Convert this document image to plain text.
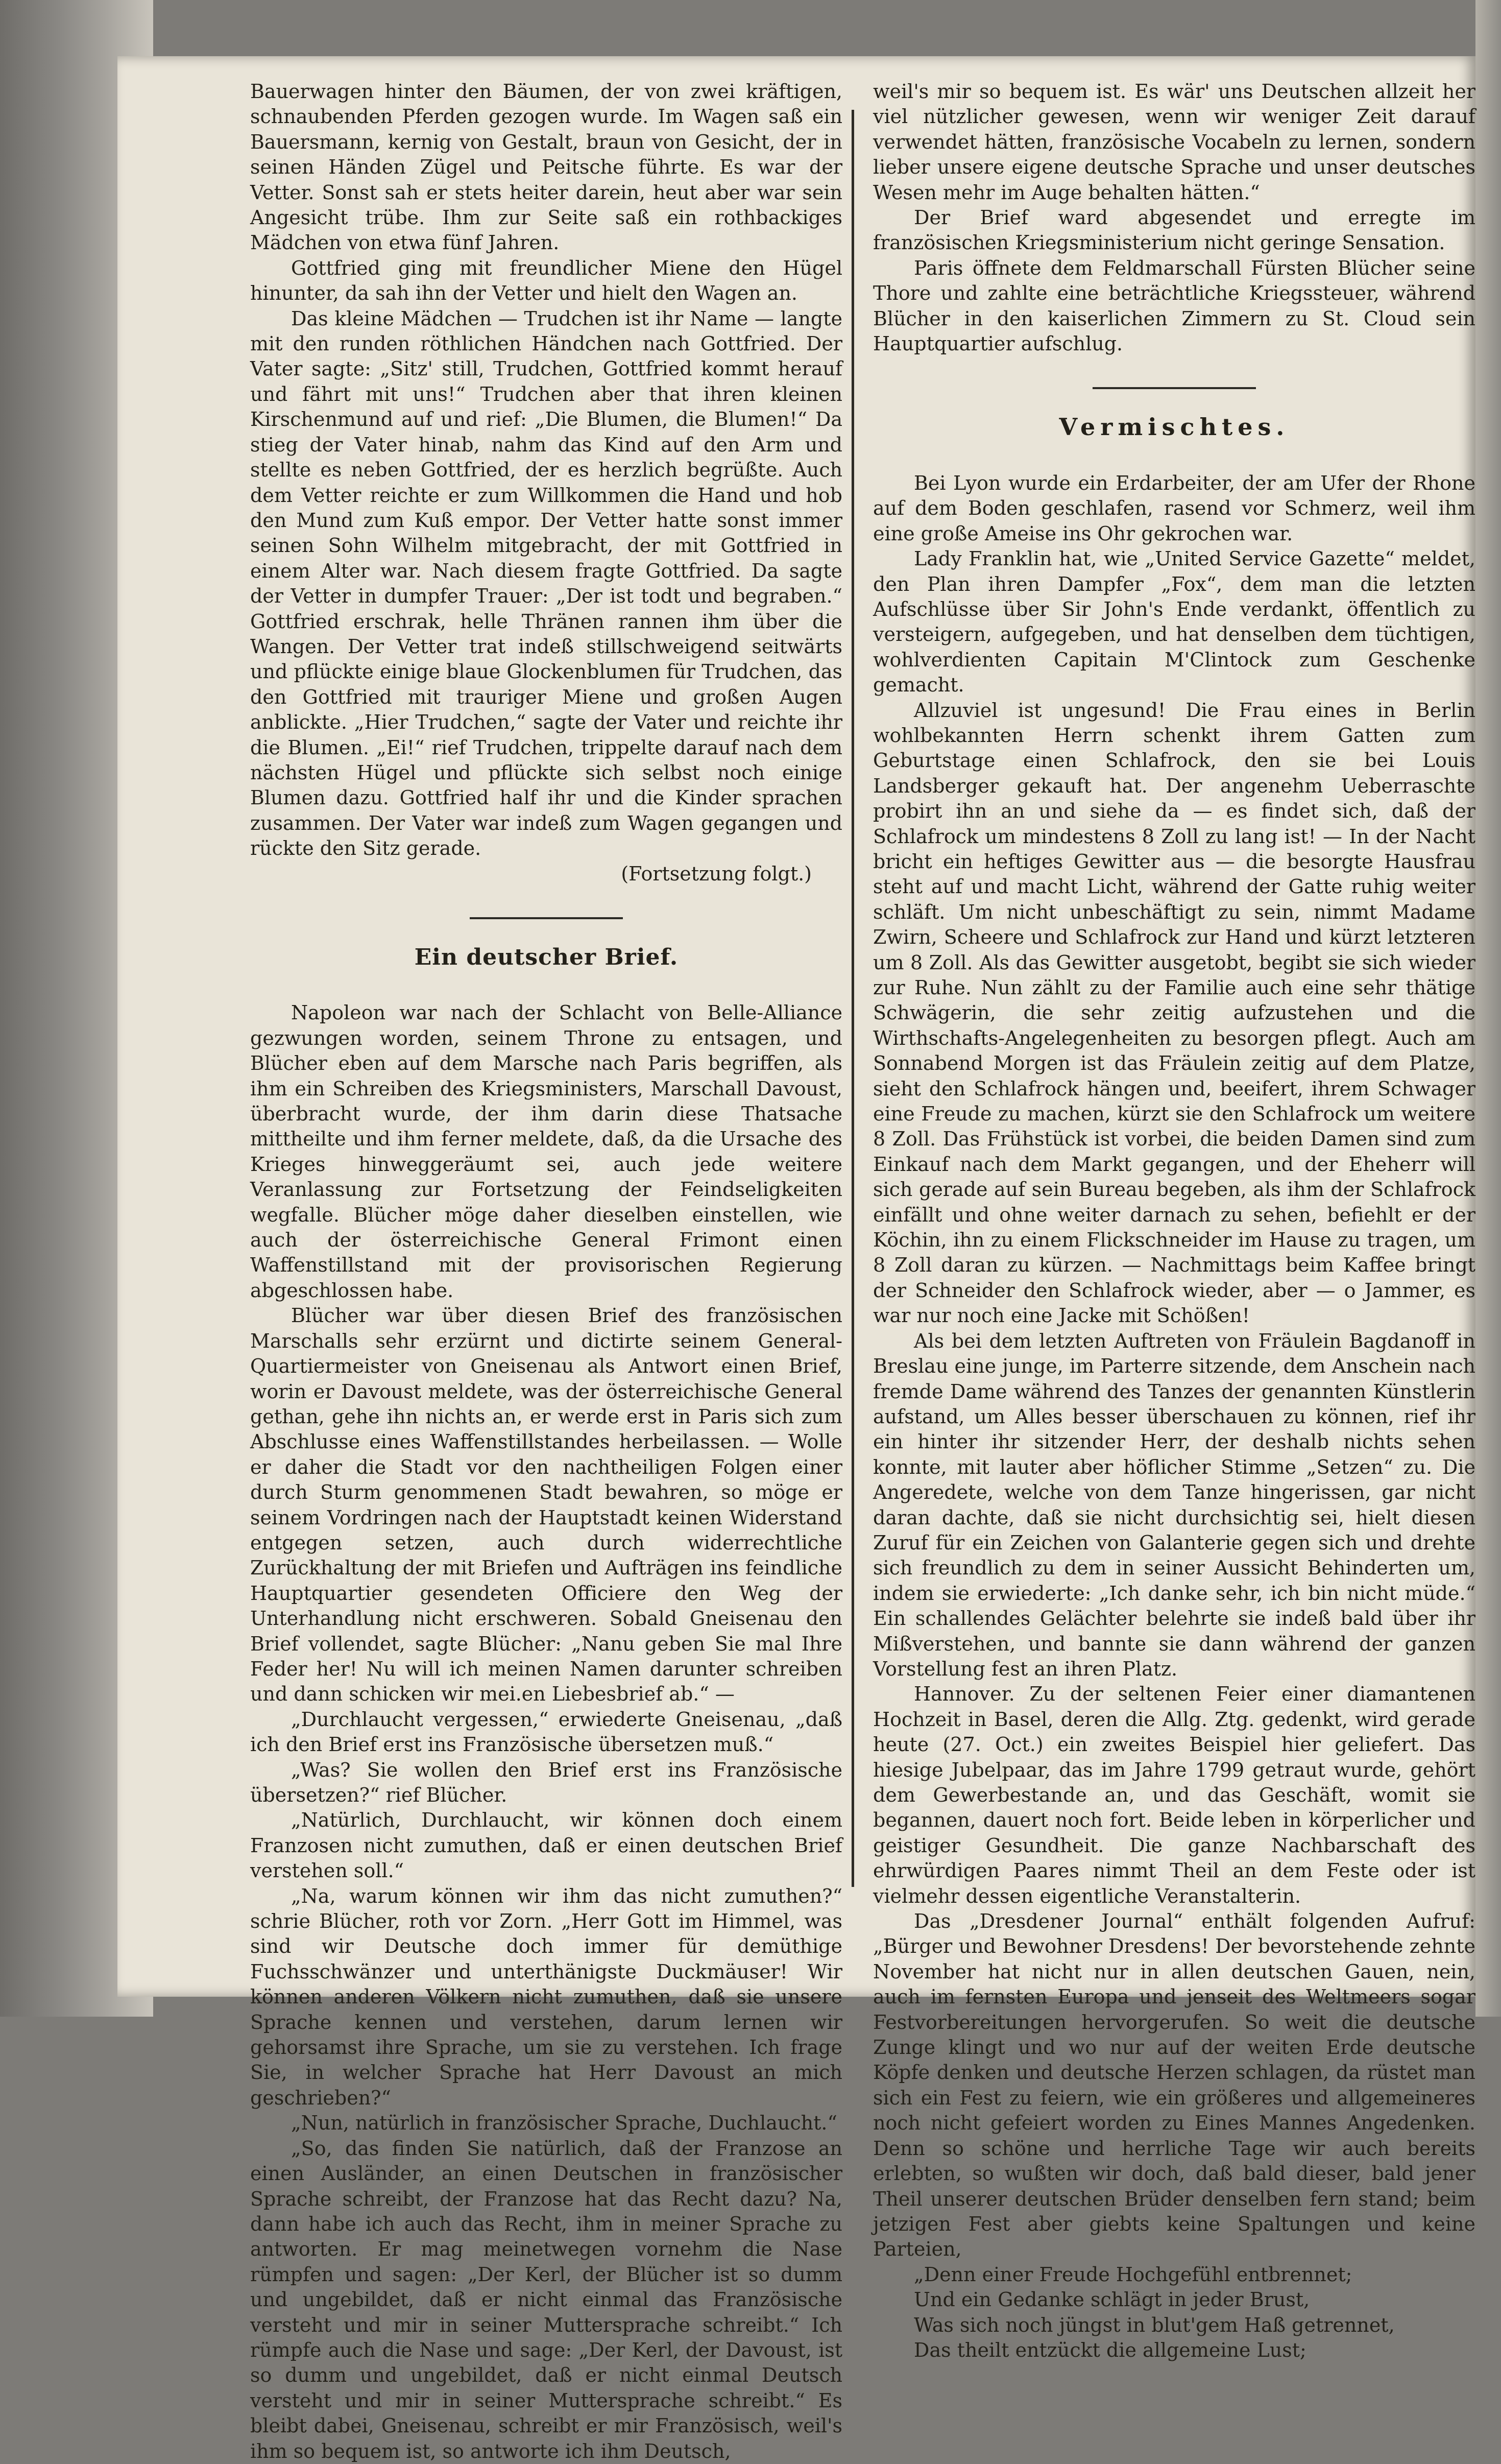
Bauerwagen hinter den Bäumen, der von zwei kräftigen, schnaubenden Pferden gezogen wurde. Im Wagen saß ein Bauersmann, kernig von Gestalt, braun von Gesicht, der in seinen Händen Zügel und Peitsche führte. Es war der Vetter. Sonst sah er stets heiter darein, heut aber war sein Angesicht trübe. Ihm zur Seite saß ein rothbackiges Mädchen von etwa fünf Jahren.

Gottfried ging mit freundlicher Miene den Hügel hinunter, da sah ihn der Vetter und hielt den Wagen an.

Das kleine Mädchen — Trudchen ist ihr Name — langte mit den runden röthlichen Händchen nach Gottfried. Der Vater sagte: „Sitz' still, Trudchen, Gottfried kommt herauf und fährt mit uns!“ Trudchen aber that ihren kleinen Kirschenmund auf und rief: „Die Blumen, die Blumen!“ Da stieg der Vater hinab, nahm das Kind auf den Arm und stellte es neben Gottfried, der es herzlich begrüßte. Auch dem Vetter reichte er zum Willkommen die Hand und hob den Mund zum Kuß empor. Der Vetter hatte sonst immer seinen Sohn Wilhelm mitgebracht, der mit Gottfried in einem Alter war. Nach diesem fragte Gottfried. Da sagte der Vetter in dumpfer Trauer: „Der ist todt und begraben.“ Gottfried erschrak, helle Thränen rannen ihm über die Wangen. Der Vetter trat indeß stillschweigend seitwärts und pflückte einige blaue Glockenblumen für Trudchen, das den Gottfried mit trauriger Miene und großen Augen anblickte. „Hier Trudchen,“ sagte der Vater und reichte ihr die Blumen. „Ei!“ rief Trudchen, trippelte darauf nach dem nächsten Hügel und pflückte sich selbst noch einige Blumen dazu. Gottfried half ihr und die Kinder sprachen zusammen. Der Vater war indeß zum Wagen gegangen und rückte den Sitz gerade.

(Fortsetzung folgt.)

Ein deutscher Brief.

Napoleon war nach der Schlacht von Belle-Alliance gezwungen worden, seinem Throne zu entsagen, und Blücher eben auf dem Marsche nach Paris begriffen, als ihm ein Schreiben des Kriegsministers, Marschall Davoust, überbracht wurde, der ihm darin diese Thatsache mittheilte und ihm ferner meldete, daß, da die Ursache des Krieges hinweggeräumt sei, auch jede weitere Veranlassung zur Fortsetzung der Feindseligkeiten wegfalle. Blücher möge daher dieselben einstellen, wie auch der österreichische General Frimont einen Waffenstillstand mit der provisorischen Regierung abgeschlossen habe.

Blücher war über diesen Brief des französischen Marschalls sehr erzürnt und dictirte seinem General-Quartiermeister von Gneisenau als Antwort einen Brief, worin er Davoust meldete, was der österreichische General gethan, gehe ihn nichts an, er werde erst in Paris sich zum Abschlusse eines Waffenstillstandes herbeilassen. — Wolle er daher die Stadt vor den nachtheiligen Folgen einer durch Sturm genommenen Stadt bewahren, so möge er seinem Vordringen nach der Hauptstadt keinen Widerstand entgegen setzen, auch durch widerrechtliche Zurückhaltung der mit Briefen und Aufträgen ins feindliche Hauptquartier gesendeten Officiere den Weg der Unterhandlung nicht erschweren. Sobald Gneisenau den Brief vollendet, sagte Blücher: „Nanu geben Sie mal Ihre Feder her! Nu will ich meinen Namen darunter schreiben und dann schicken wir mei.en Liebesbrief ab.“ —

„Durchlaucht vergessen,“ erwiederte Gneisenau, „daß ich den Brief erst ins Französische übersetzen muß.“

„Was? Sie wollen den Brief erst ins Französische übersetzen?“ rief Blücher.

„Natürlich, Durchlaucht, wir können doch einem Franzosen nicht zumuthen, daß er einen deutschen Brief verstehen soll.“

„Na, warum können wir ihm das nicht zumuthen?“ schrie Blücher, roth vor Zorn. „Herr Gott im Himmel, was sind wir Deutsche doch immer für demüthige Fuchsschwänzer und unterthänigste Duckmäuser! Wir können anderen Völkern nicht zumuthen, daß sie unsere Sprache kennen und verstehen, darum lernen wir gehorsamst ihre Sprache, um sie zu verstehen. Ich frage Sie, in welcher Sprache hat Herr Davoust an mich geschrieben?“

„Nun, natürlich in französischer Sprache, Duchlaucht.“

„So, das finden Sie natürlich, daß der Franzose an einen Ausländer, an einen Deutschen in französischer Sprache schreibt, der Franzose hat das Recht dazu? Na, dann habe ich auch das Recht, ihm in meiner Sprache zu antworten. Er mag meinetwegen vornehm die Nase rümpfen und sagen: „Der Kerl, der Blücher ist so dumm und ungebildet, daß er nicht einmal das Französische versteht und mir in seiner Muttersprache schreibt.“ Ich rümpfe auch die Nase und sage: „Der Kerl, der Davoust, ist so dumm und ungebildet, daß er nicht einmal Deutsch versteht und mir in seiner Muttersprache schreibt.“ Es bleibt dabei, Gneisenau, schreibt er mir Französisch, weil's ihm so bequem ist, so antworte ich ihm Deutsch,

weil's mir so bequem ist. Es wär' uns Deutschen allzeit her viel nützlicher gewesen, wenn wir weniger Zeit darauf verwendet hätten, französische Vocabeln zu lernen, sondern lieber unsere eigene deutsche Sprache und unser deutsches Wesen mehr im Auge behalten hätten.“

Der Brief ward abgesendet und erregte im französischen Kriegsministerium nicht geringe Sensation.

Paris öffnete dem Feldmarschall Fürsten Blücher seine Thore und zahlte eine beträchtliche Kriegssteuer, während Blücher in den kaiserlichen Zimmern zu St. Cloud sein Hauptquartier aufschlug.

Vermischtes.

Bei Lyon wurde ein Erdarbeiter, der am Ufer der Rhone auf dem Boden geschlafen, rasend vor Schmerz, weil ihm eine große Ameise ins Ohr gekrochen war.

Lady Franklin hat, wie „United Service Gazette“ meldet, den Plan ihren Dampfer „Fox“, dem man die letzten Aufschlüsse über Sir John's Ende verdankt, öffentlich zu versteigern, aufgegeben, und hat denselben dem tüchtigen, wohlverdienten Capitain M'Clintock zum Geschenke gemacht.

Allzuviel ist ungesund! Die Frau eines in Berlin wohlbekannten Herrn schenkt ihrem Gatten zum Geburtstage einen Schlafrock, den sie bei Louis Landsberger gekauft hat. Der angenehm Ueberraschte probirt ihn an und siehe da — es findet sich, daß der Schlafrock um mindestens 8 Zoll zu lang ist! — In der Nacht bricht ein heftiges Gewitter aus — die besorgte Hausfrau steht auf und macht Licht, während der Gatte ruhig weiter schläft. Um nicht unbeschäftigt zu sein, nimmt Madame Zwirn, Scheere und Schlafrock zur Hand und kürzt letzteren um 8 Zoll. Als das Gewitter ausgetobt, begibt sie sich wieder zur Ruhe. Nun zählt zu der Familie auch eine sehr thätige Schwägerin, die sehr zeitig aufzustehen und die Wirthschafts-Angelegenheiten zu besorgen pflegt. Auch am Sonnabend Morgen ist das Fräulein zeitig auf dem Platze, sieht den Schlafrock hängen und, beeifert, ihrem Schwager eine Freude zu machen, kürzt sie den Schlafrock um weitere 8 Zoll. Das Frühstück ist vorbei, die beiden Damen sind zum Einkauf nach dem Markt gegangen, und der Eheherr will sich gerade auf sein Bureau begeben, als ihm der Schlafrock einfällt und ohne weiter darnach zu sehen, befiehlt er der Köchin, ihn zu einem Flickschneider im Hause zu tragen, um 8 Zoll daran zu kürzen. — Nachmittags beim Kaffee bringt der Schneider den Schlafrock wieder, aber — o Jammer, es war nur noch eine Jacke mit Schößen!

Als bei dem letzten Auftreten von Fräulein Bagdanoff in Breslau eine junge, im Parterre sitzende, dem Anschein nach fremde Dame während des Tanzes der genannten Künstlerin aufstand, um Alles besser überschauen zu können, rief ihr ein hinter ihr sitzender Herr, der deshalb nichts sehen konnte, mit lauter aber höflicher Stimme „Setzen“ zu. Die Angeredete, welche von dem Tanze hingerissen, gar nicht daran dachte, daß sie nicht durchsichtig sei, hielt diesen Zuruf für ein Zeichen von Galanterie gegen sich und drehte sich freundlich zu dem in seiner Aussicht Behinderten um, indem sie erwiederte: „Ich danke sehr, ich bin nicht müde.“ Ein schallendes Gelächter belehrte sie indeß bald über ihr Mißverstehen, und bannte sie dann während der ganzen Vorstellung fest an ihren Platz.

Hannover. Zu der seltenen Feier einer diamantenen Hochzeit in Basel, deren die Allg. Ztg. gedenkt, wird gerade heute (27. Oct.) ein zweites Beispiel hier geliefert. Das hiesige Jubelpaar, das im Jahre 1799 getraut wurde, gehört dem Gewerbestande an, und das Geschäft, womit sie begannen, dauert noch fort. Beide leben in körperlicher und geistiger Gesundheit. Die ganze Nachbarschaft des ehrwürdigen Paares nimmt Theil an dem Feste oder ist vielmehr dessen eigentliche Veranstalterin.

Das „Dresdener Journal“ enthält folgenden Aufruf: „Bürger und Bewohner Dresdens! Der bevorstehende zehnte November hat nicht nur in allen deutschen Gauen, nein, auch im fernsten Europa und jenseit des Weltmeers sogar Festvorbereitungen hervorgerufen. So weit die deutsche Zunge klingt und wo nur auf der weiten Erde deutsche Köpfe denken und deutsche Herzen schlagen, da rüstet man sich ein Fest zu feiern, wie ein größeres und allgemeineres noch nicht gefeiert worden zu Eines Mannes Angedenken. Denn so schöne und herrliche Tage wir auch bereits erlebten, so wußten wir doch, daß bald dieser, bald jener Theil unserer deutschen Brüder denselben fern stand; beim jetzigen Fest aber giebts keine Spaltungen und keine Parteien,

„Denn einer Freude Hochgefühl entbrennet;

Und ein Gedanke schlägt in jeder Brust,

Was sich noch jüngst in blut'gem Haß getrennet,

Das theilt entzückt die allgemeine Lust;
